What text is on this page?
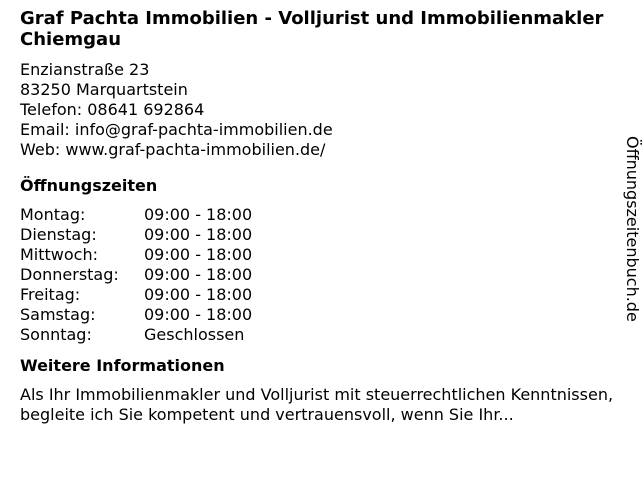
Graf Pachta Immobilien - Volljurist und Immobilienmakler Chiemgau
Enzianstraße 23
83250 Marquartstein
Telefon: 08641 692864
Email: info@graf-pachta-immobilien.de
Web: www.graf-pachta-immobilien.de/
Öffnungszeiten
Montag:	09:00 - 18:00
Dienstag:	09:00 - 18:00
Mittwoch:	09:00 - 18:00
Donnerstag:	09:00 - 18:00
Freitag:	09:00 - 18:00
Samstag:	09:00 - 18:00
Sonntag:	Geschlossen
Weitere Informationen
Als Ihr Immobilienmakler und Volljurist mit steuerrechtlichen Kenntnissen, begleite ich Sie kompetent und vertrauensvoll, wenn Sie Ihr...
Öffnungszeitenbuch.de
